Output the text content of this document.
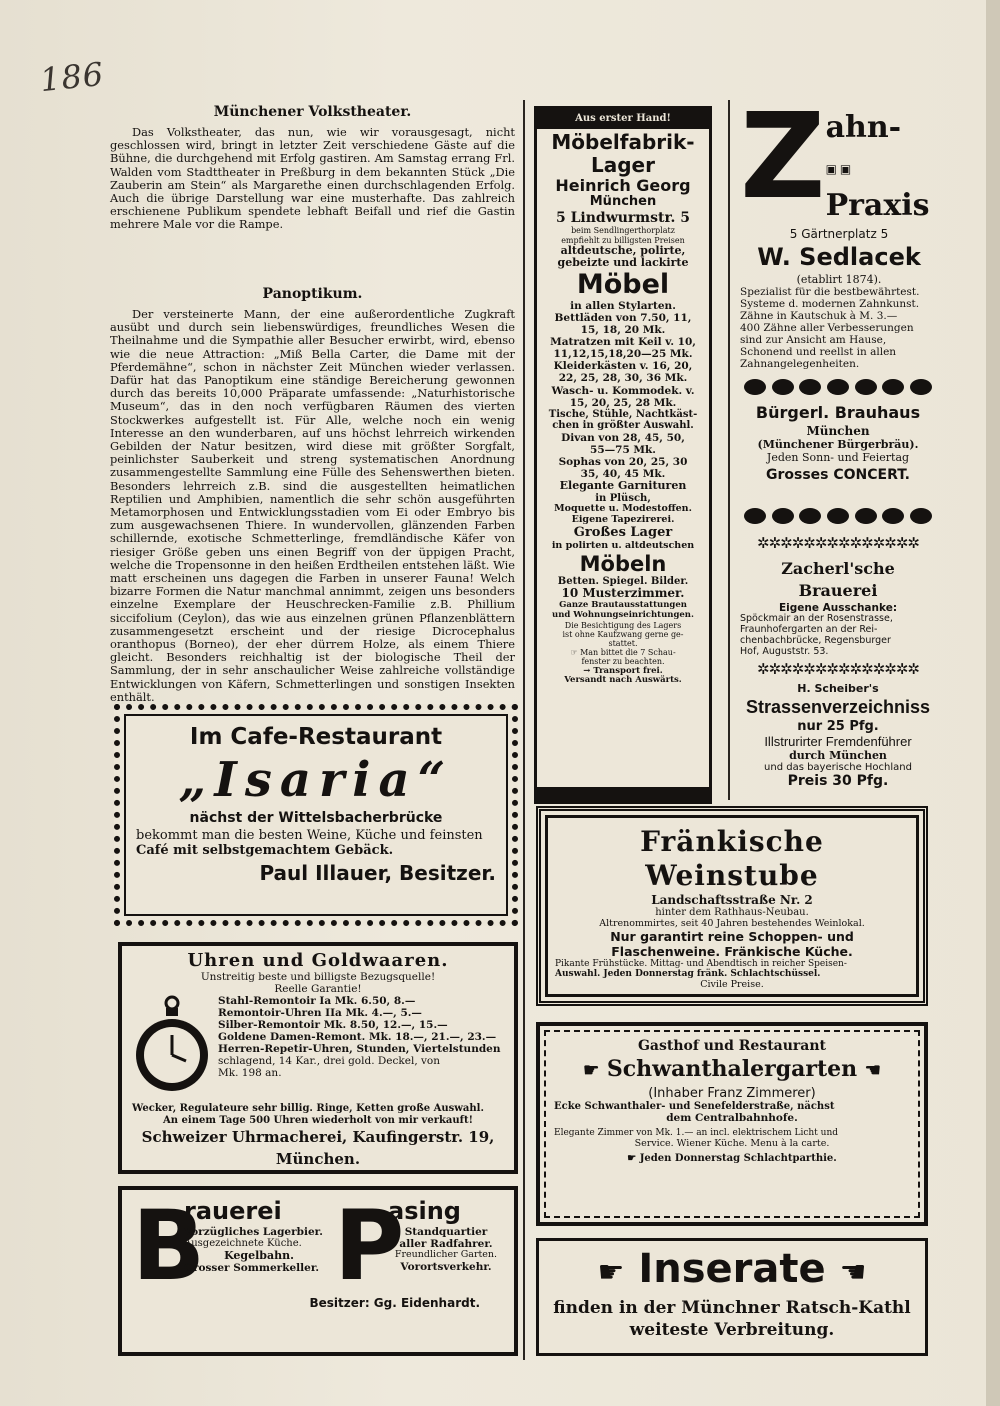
186
Münchener Volkstheater.

Das Volkstheater, das nun, wie wir vorausgesagt, nicht geschlossen wird, bringt in letzter Zeit verschiedene Gäste auf die Bühne, die durchgehend mit Erfolg gastiren. Am Samstag errang Frl. Walden vom Stadttheater in Preßburg in dem bekannten Stück „Die Zauberin am Stein“ als Margarethe einen durchschlagenden Erfolg. Auch die übrige Darstellung war eine musterhafte. Das zahlreich erschienene Publikum spendete lebhaft Beifall und rief die Gastin mehrere Male vor die Rampe.

Panoptikum.

Der versteinerte Mann, der eine außerordentliche Zugkraft ausübt und durch sein liebenswürdiges, freundliches Wesen die Theilnahme und die Sympathie aller Besucher erwirbt, wird, ebenso wie die neue Attraction: „Miß Bella Carter, die Dame mit der Pferdemähne“, schon in nächster Zeit München wieder verlassen. Dafür hat das Panoptikum eine ständige Bereicherung gewonnen durch das bereits 10,000 Präparate umfassende: „Naturhistorische Museum“, das in den noch verfügbaren Räumen des vierten Stockwerkes aufgestellt ist. Für Alle, welche noch ein wenig Interesse an den wunderbaren, auf uns höchst lehrreich wirkenden Gebilden der Natur besitzen, wird diese mit größter Sorgfalt, peinlichster Sauberkeit und streng systematischen Anordnung zusammengestellte Sammlung eine Fülle des Sehenswerthen bieten. Besonders lehrreich z.B. sind die ausgestellten heimatlichen Reptilien und Amphibien, namentlich die sehr schön ausgeführten Metamorphosen und Entwicklungsstadien vom Ei oder Embryo bis zum ausgewachsenen Thiere. In wundervollen, glänzenden Farben schillernde, exotische Schmetterlinge, fremdländische Käfer von riesiger Größe geben uns einen Begriff von der üppigen Pracht, welche die Tropensonne in den heißen Erdtheilen entstehen läßt. Wie matt erscheinen uns dagegen die Farben in unserer Fauna! Welch bizarre Formen die Natur manchmal annimmt, zeigen uns besonders einzelne Exemplare der Heuschrecken-Familie z.B. Phillium siccifolium (Ceylon), das wie aus einzelnen grünen Pflanzenblättern zusammengesetzt erscheint und der riesige Dicrocephalus oranthopus (Borneo), der eher dürrem Holze, als einem Thiere gleicht. Besonders reichhaltig ist der biologische Theil der Sammlung, der in sehr anschaulicher Weise zahlreiche vollständige Entwicklungen von Käfern, Schmetterlingen und sonstigen Insekten enthält.

Aus erster Hand!

Möbelfabrik-

Lager

Heinrich Georg

München

5 Lindwurmstr. 5

beim Sendlingerthorplatz

empfiehlt zu billigsten Preisen

altdeutsche, polirte,

gebeizte und lackirte

Möbel

in allen Stylarten.

Bettläden von 7.50, 11,

15, 18, 20 Mk.

Matratzen mit Keil v. 10,

11,12,15,18,20—25 Mk.

Kleiderkästen v. 16, 20,

22, 25, 28, 30, 36 Mk.

Wasch- u. Kommodek. v.

15, 20, 25, 28 Mk.

Tische, Stühle, Nachtkäst-

chen in größter Auswahl.

Divan von 28, 45, 50,

55—75 Mk.

Sophas von 20, 25, 30

35, 40, 45 Mk.

Elegante Garnituren

in Plüsch,

Moquette u. Modestoffen.

Eigene Tapezirerei.

Großes Lager

in polirten u. altdeutschen

Möbeln

Betten. Spiegel. Bilder.

10 Musterzimmer.

Ganze Brautausstattungen

und Wohnungseinrichtungen.

Die Besichtigung des Lagers

ist ohne Kaufzwang gerne ge-

stattet.

☞ Man bittet die 7 Schau-

fenster zu beachten.

→ Transport frei.

Versandt nach Auswärts.

Z ahn- ▣▣
Praxis
5 Gärtnerplatz 5
W. Sedlacek
(etablirt 1874).

Spezialist für die bestbewährtest.

Systeme d. modernen Zahnkunst.

Zähne in Kautschuk à M. 3.—

400 Zähne aller Verbesserungen

sind zur Ansicht am Hause,

Schonend und reellst in allen

Zahnangelegenheiten.

Bürgerl. Brauhaus
München
(Münchener Bürgerbräu).
Jeden Sonn- und Feiertag
Grosses CONCERT.
✲✲✲✲✲✲✲✲✲✲✲✲✲✲
Zacherl'sche Brauerei
Eigene Ausschanke:

Spöckmair an der Rosenstrasse,

Fraunhofergarten an der Rei-

chenbachbrücke, Regensburger

Hof, Auguststr. 53.

✲✲✲✲✲✲✲✲✲✲✲✲✲✲
H. Scheiber's
Strassenverzeichniss
nur 25 Pfg.
Illstrurirter Fremdenführer
durch München
und das bayerische Hochland
Preis 30 Pfg.
Im Cafe-Restaurant
„Isaria“
nächst der Wittelsbacherbrücke
bekommt man die besten Weine, Küche und feinsten
Café mit selbstgemachtem Gebäck.
Paul Illauer, Besitzer.
Uhren und Goldwaaren.
Unstreitig beste und billigste Bezugsquelle!
Reelle Garantie!

Stahl-Remontoir Ia Mk. 6.50, 8.—

Remontoir-Uhren IIa Mk. 4.—, 5.—

Silber-Remontoir Mk. 8.50, 12.—, 15.—

Goldene Damen-Remont. Mk. 18.—, 21.—, 23.—

Herren-Repetir-Uhren, Stunden, Viertelstunden

schlagend, 14 Kar., drei gold. Deckel, von

Mk. 198 an.

Wecker, Regulateure sehr billig. Ringe, Ketten große Auswahl.

An einem Tage 500 Uhren wiederholt von mir verkauft!

Schweizer Uhrmacherei, Kaufingerstr. 19, München.

B
rauerei

Vorzügliches Lagerbier.

Ausgezeichnete Küche.

Kegelbahn.

Grosser Sommerkeller. P
asing

Standquartier

aller Radfahrer.

Freundlicher Garten.

Vorortsverkehr.

Besitzer: Gg. Eidenhardt.
Fränkische Weinstube
Landschaftsstraße Nr. 2
hinter dem Rathhaus-Neubau.
Altrenommirtes, seit 40 Jahren bestehendes Weinlokal.
Nur garantirt reine Schoppen- und
Flaschenweine. Fränkische Küche.
Pikante Frühstücke. Mittag- und Abendtisch in reicher Speisen-
Auswahl. Jeden Donnerstag fränk. Schlachtschüssel.
Civile Preise.
Gasthof und Restaurant
☛ Schwanthalergarten ☚
(Inhaber Franz Zimmerer)
Ecke Schwanthaler- und Senefelderstraße, nächst
dem Centralbahnhofe.
Elegante Zimmer von Mk. 1.— an incl. elektrischem Licht und
Service. Wiener Küche. Menu à la carte.
☛ Jeden Donnerstag Schlachtparthie.
☛ Inserate ☚
finden in der Münchner Ratsch-Kathl
weiteste Verbreitung.
